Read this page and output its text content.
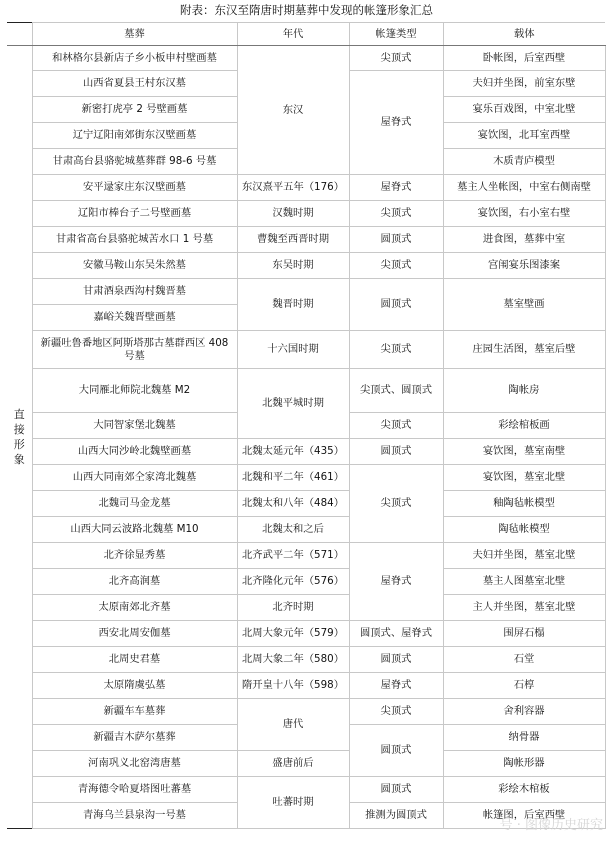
附表：东汉至隋唐时期墓葬中发现的帐篷形象汇总
	墓葬	年代	帐篷类型	载体

直接形象	和林格尔县新店子乡小板申村壁画墓	东汉	尖顶式	卧帐图，后室西壁
	山西省夏县王村东汉墓		屋脊式	夫妇并坐图，前室东壁
	新密打虎亭 2 号壁画墓			宴乐百戏图，中室北壁
	辽宁辽阳南郊街东汉壁画墓			宴饮图，北耳室西壁
	甘肃高台县骆驼城墓葬群 98-6 号墓			木质青庐模型
	安平逯家庄东汉壁画墓	东汉熹平五年（176）	屋脊式	墓主人坐帐图，中室右侧南壁
	辽阳市棒台子二号壁画墓	汉魏时期	尖顶式	宴饮图，右小室右壁
	甘肃省高台县骆驼城苦水口 1 号墓	曹魏至西晋时期	圆顶式	进食图，墓葬中室
	安徽马鞍山东吴朱然墓	东吴时期	尖顶式	宫闱宴乐图漆案
	甘肃酒泉西沟村魏晋墓	魏晋时期	圆顶式	墓室壁画
	嘉峪关魏晋壁画墓			
	新疆吐鲁番地区阿斯塔那古墓群西区 408 号墓	十六国时期	尖顶式	庄园生活图，墓室后壁
	大同雁北师院北魏墓 M2	北魏平城时期	尖顶式、圆顶式	陶帐房
	大同智家堡北魏墓		尖顶式	彩绘棺板画
	山西大同沙岭北魏壁画墓	北魏太延元年（435）	圆顶式	宴饮图，墓室南壁
	山西大同南郊仝家湾北魏墓	北魏和平二年（461）	尖顶式	宴饮图，墓室北壁
	北魏司马金龙墓	北魏太和八年（484）		釉陶毡帐模型
	山西大同云波路北魏墓 M10	北魏太和之后		陶毡帐模型
	北齐徐显秀墓	北齐武平二年（571）	屋脊式	夫妇并坐图，墓室北壁
	北齐高润墓	北齐隆化元年（576）		墓主人图墓室北壁
	太原南郊北齐墓	北齐时期		主人并坐图，墓室北壁
	西安北周安伽墓	北周大象元年（579）	圆顶式、屋脊式	围屏石榻
	北周史君墓	北周大象二年（580）	圆顶式	石堂
	太原隋虞弘墓	隋开皇十八年（598）	屋脊式	石椁
	新疆车车墓葬	唐代	尖顶式	舍利容器
	新疆吉木萨尔墓葬		圆顶式	纳骨器
	河南巩义北窑湾唐墓	盛唐前后		陶帐形器
	青海德令哈夏塔图吐蕃墓	吐蕃时期	圆顶式	彩绘木棺板
	青海乌兰县泉沟一号墓		推测为圆顶式	帐篷图，后室西壁
号 · 图像历史研究
